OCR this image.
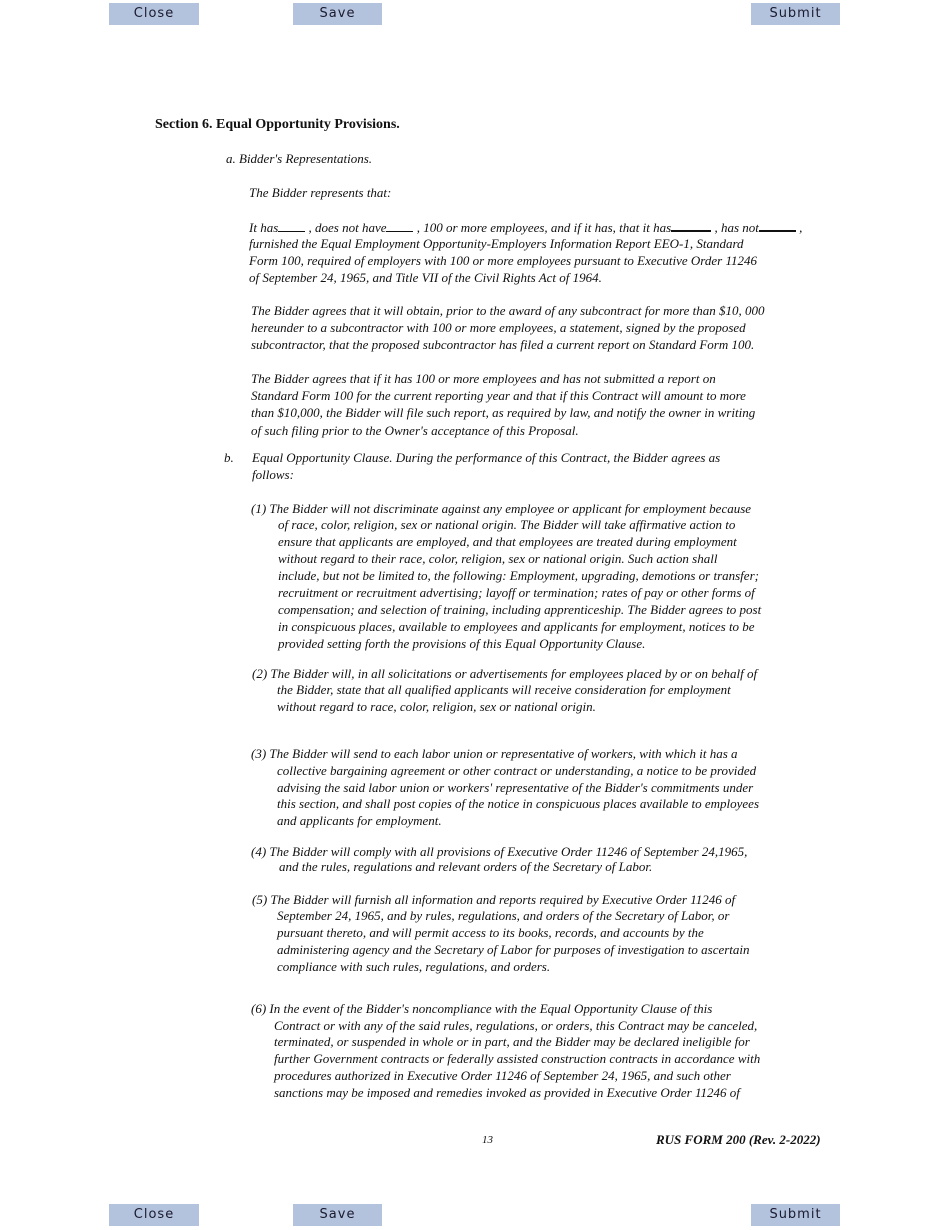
Close	Save	Submit
Section 6. Equal Opportunity Provisions.
a. Bidder's Representations.
The Bidder represents that:
It has , does not have , 100 or more employees, and if it has, that it has	, has not	,
furnished the Equal Employment Opportunity-Employers Information Report EEO-1, Standard
Form 100, required of employers with 100 or more employees pursuant to Executive Order 11246
of September 24, 1965, and Title VII of the Civil Rights Act of 1964.
The Bidder agrees that it will obtain, prior to the award of any subcontract for more than $10, 000
hereunder to a subcontractor with 100 or more employees, a statement, signed by the proposed
subcontractor, that the proposed subcontractor has filed a current report on Standard Form 100.
The Bidder agrees that if it has 100 or more employees and has not submitted a report on
Standard Form 100 for the current reporting year and that if this Contract will amount to more
than $10,000, the Bidder will file such report, as required by law, and notify the owner in writing
of such filing prior to the Owner's acceptance of this Proposal.
b. Equal Opportunity Clause. During the performance of this Contract, the Bidder agrees as
follows:
(1) The Bidder will not discriminate against any employee or applicant for employment because
of race, color, religion, sex or national origin. The Bidder will take affirmative action to
ensure that applicants are employed, and that employees are treated during employment
without regard to their race, color, religion, sex or national origin. Such action shall
include, but not be limited to, the following: Employment, upgrading, demotions or transfer;
recruitment or recruitment advertising; layoff or termination; rates of pay or other forms of
compensation; and selection of training, including apprenticeship. The Bidder agrees to post
in conspicuous places, available to employees and applicants for employment, notices to be
provided setting forth the provisions of this Equal Opportunity Clause.
(2) The Bidder will, in all solicitations or advertisements for employees placed by or on behalf of
the Bidder, state that all qualified applicants will receive consideration for employment
without regard to race, color, religion, sex or national origin.
(3) The Bidder will send to each labor union or representative of workers, with which it has a
collective bargaining agreement or other contract or understanding, a notice to be provided
advising the said labor union or workers' representative of the Bidder's commitments under
this section, and shall post copies of the notice in conspicuous places available to employees
and applicants for employment.
(4) The Bidder will comply with all provisions of Executive Order 11246 of September 24,1965,
and the rules, regulations and relevant orders of the Secretary of Labor.
(5) The Bidder will furnish all information and reports required by Executive Order 11246 of
September 24, 1965, and by rules, regulations, and orders of the Secretary of Labor, or
pursuant thereto, and will permit access to its books, records, and accounts by the
administering agency and the Secretary of Labor for purposes of investigation to ascertain
compliance with such rules, regulations, and orders.
(6) In the event of the Bidder's noncompliance with the Equal Opportunity Clause of this
Contract or with any of the said rules, regulations, or orders, this Contract may be canceled,
terminated, or suspended in whole or in part, and the Bidder may be declared ineligible for
further Government contracts or federally assisted construction contracts in accordance with
procedures authorized in Executive Order 11246 of September 24, 1965, and such other
sanctions may be imposed and remedies invoked as provided in Executive Order 11246 of
13	RUS FORM 200 (Rev. 2-2022)
Close	Save	Submit
